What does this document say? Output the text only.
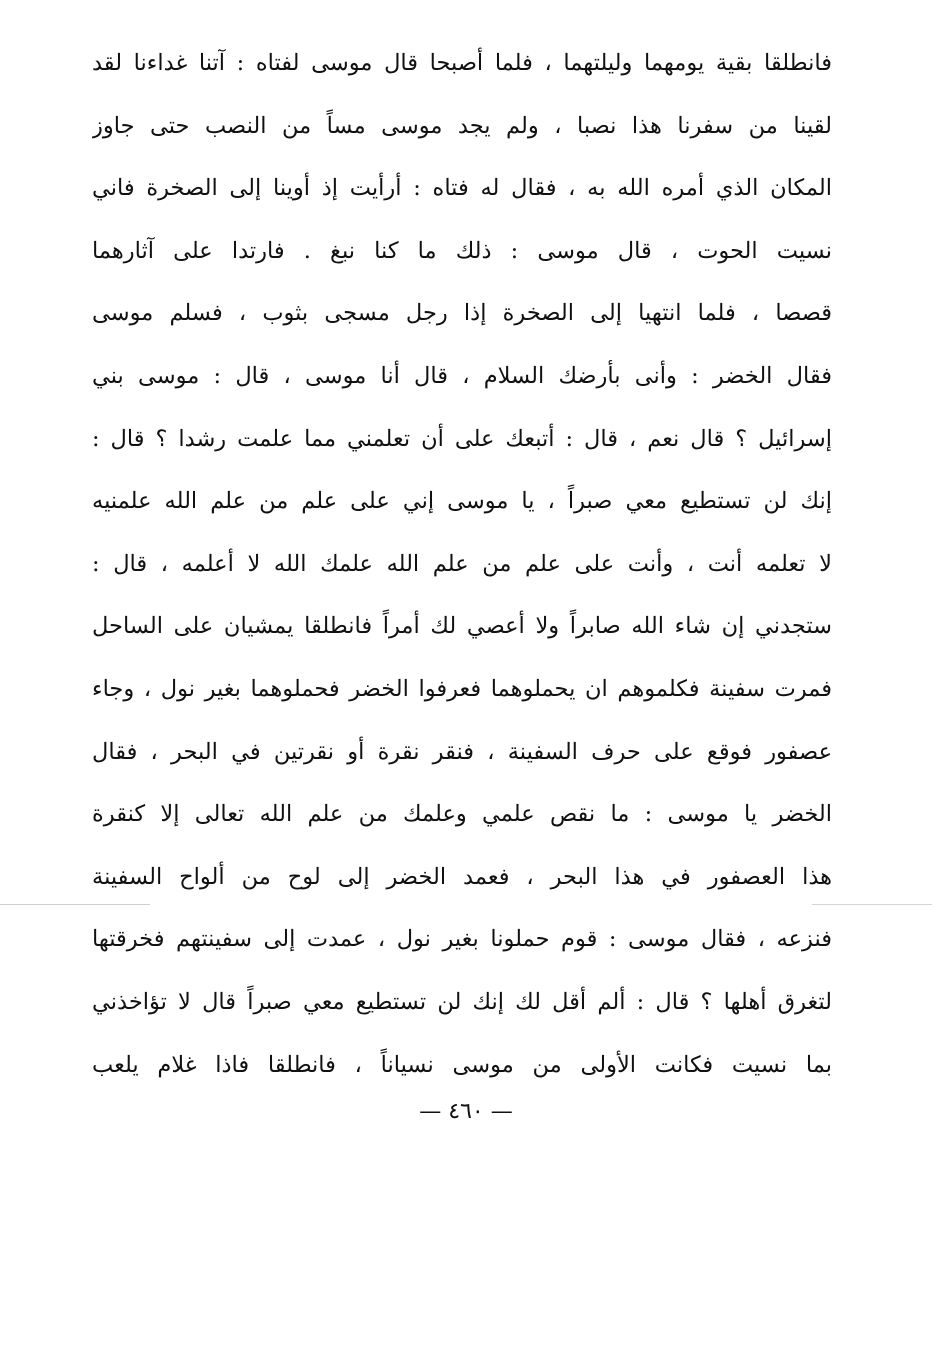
فانطلقا بقية يومهما وليلتهما ، فلما أصبحا قال موسى لفتاه : آتنا غداءنا لقد
لقينا من سفرنا هذا نصبا ، ولم يجد موسى مساً من النصب حتى جاوز
المكان الذي أمره الله به ، فقال له فتاه : أرأيت إذ أوينا إلى الصخرة فاني
نسيت الحوت ، قال موسى : ذلك ما كنا نبغ . فارتدا على آثارهما
قصصا ، فلما انتهيا إلى الصخرة إذا رجل مسجى بثوب ، فسلم موسى
فقال الخضر : وأنى بأرضك السلام ، قال أنا موسى ، قال : موسى بني
إسرائيل ؟ قال نعم ، قال : أتبعك على أن تعلمني مما علمت رشدا ؟ قال :
إنك لن تستطيع معي صبراً ، يا موسى إني على علم من علم الله علمنيه
لا تعلمه أنت ، وأنت على علم من علم الله علمك الله لا أعلمه ، قال :
ستجدني إن شاء الله صابراً ولا أعصي لك أمراً فانطلقا يمشيان على الساحل
فمرت سفينة فكلموهم ان يحملوهما فعرفوا الخضر فحملوهما بغير نول ، وجاء
عصفور فوقع على حرف السفينة ، فنقر نقرة أو نقرتين في البحر ، فقال
الخضر يا موسى : ما نقص علمي وعلمك من علم الله تعالى إلا كنقرة
هذا العصفور في هذا البحر ، فعمد الخضر إلى لوح من ألواح السفينة
فنزعه ، فقال موسى : قوم حملونا بغير نول ، عمدت إلى سفينتهم فخرقتها
لتغرق أهلها ؟ قال : ألم أقل لك إنك لن تستطيع معي صبراً قال لا تؤاخذني
بما نسيت فكانت الأولى من موسى نسياناً ، فانطلقا فاذا غلام يلعب
— ٤٦٠ —
